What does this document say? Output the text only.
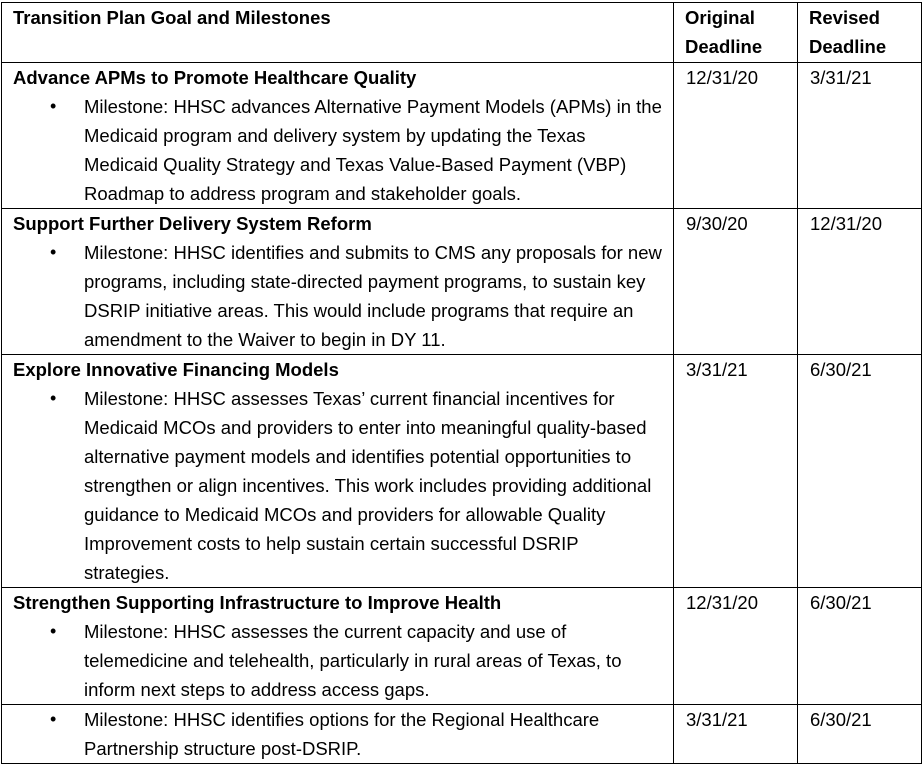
Transition Plan Goal and Milestones	Original Deadline	Revised Deadline

Advance APMs to Promote Healthcare Quality
• Milestone: HHSC advances Alternative Payment Models (APMs) in the Medicaid program and delivery system by updating the Texas Medicaid Quality Strategy and Texas Value-Based Payment (VBP) Roadmap to address program and stakeholder goals.	12/31/20	3/31/21

Support Further Delivery System Reform
• Milestone: HHSC identifies and submits to CMS any proposals for new programs, including state-directed payment programs, to sustain key DSRIP initiative areas. This would include programs that require an amendment to the Waiver to begin in DY 11.	9/30/20	12/31/20

Explore Innovative Financing Models
• Milestone: HHSC assesses Texas’ current financial incentives for Medicaid MCOs and providers to enter into meaningful quality-based alternative payment models and identifies potential opportunities to strengthen or align incentives. This work includes providing additional guidance to Medicaid MCOs and providers for allowable Quality Improvement costs to help sustain certain successful DSRIP strategies.	3/31/21	6/30/21

Strengthen Supporting Infrastructure to Improve Health
• Milestone: HHSC assesses the current capacity and use of telemedicine and telehealth, particularly in rural areas of Texas, to inform next steps to address access gaps.	12/31/20	6/30/21

• Milestone: HHSC identifies options for the Regional Healthcare Partnership structure post-DSRIP.	3/31/21	6/30/21
